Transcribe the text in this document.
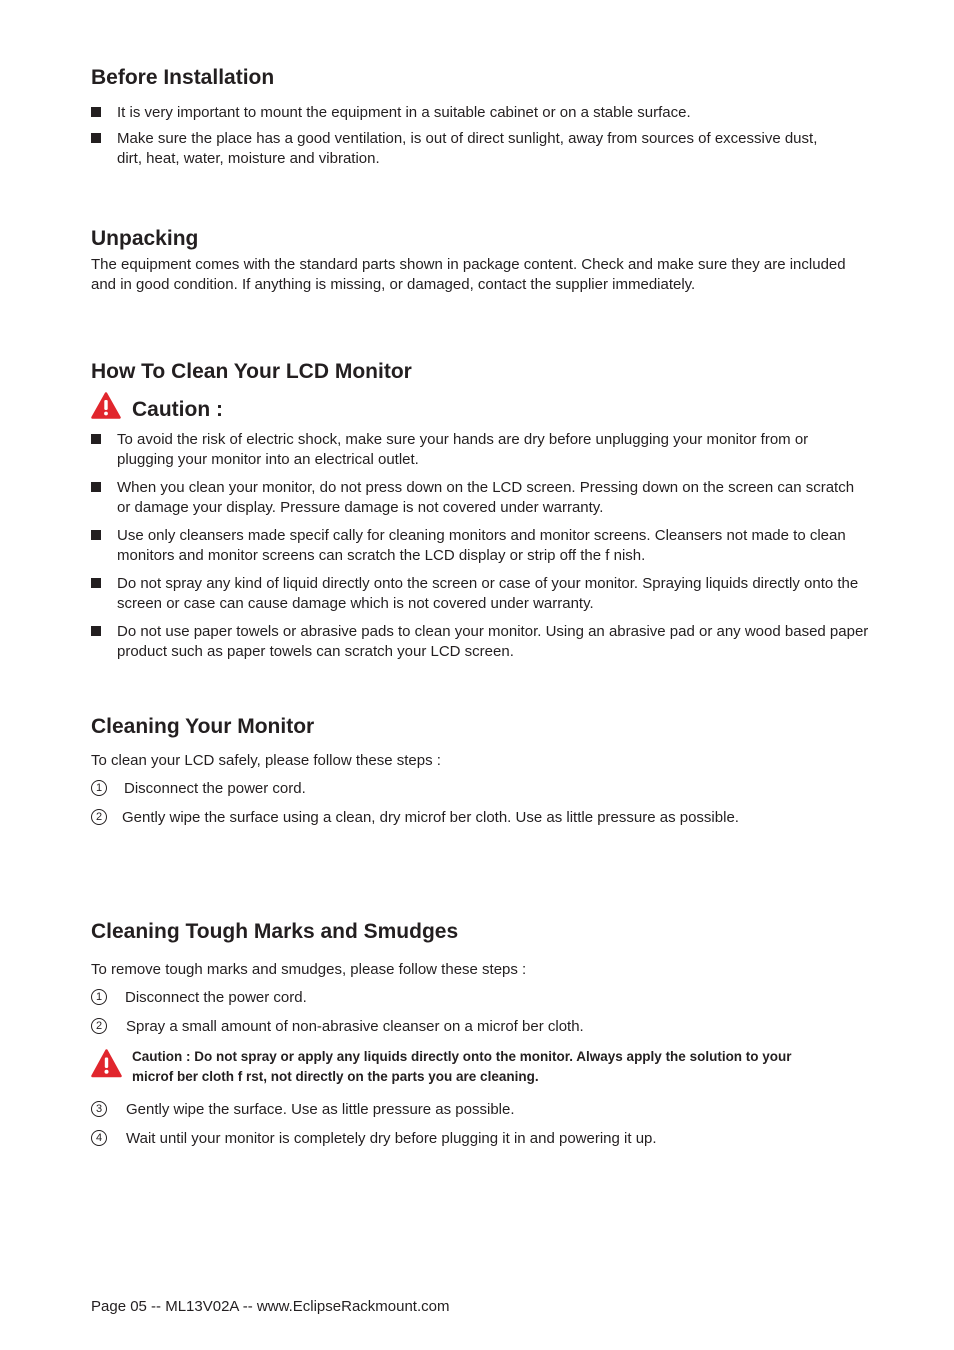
Before Installation
It is very important to mount the equipment in a suitable cabinet or on a stable surface.
Make sure the place has a good ventilation, is out of direct sunlight, away from sources of excessive dust, dirt, heat, water, moisture and vibration.
Unpacking
The equipment comes with the standard parts shown in package content. Check and make sure they are included and in good condition. If anything is missing, or damaged, contact the supplier immediately.
How To Clean Your LCD Monitor
Caution :
To avoid the risk of electric shock, make sure your hands are dry before unplugging your monitor from or plugging your monitor into an electrical outlet.
When you clean your monitor, do not press down on the LCD screen. Pressing down on the screen can scratch or damage your display. Pressure damage is not covered under warranty.
Use only cleansers made specif cally for cleaning monitors and monitor screens. Cleansers not made to clean monitors and monitor screens can scratch the LCD display or strip off the f nish.
Do not spray any kind of liquid directly onto the screen or case of your monitor. Spraying liquids directly onto the screen or case can cause damage which is not covered under warranty.
Do not use paper towels or abrasive pads to clean your monitor. Using an abrasive pad or any wood based paper product such as paper towels can scratch your LCD screen.
Cleaning Your Monitor
To clean your LCD safely, please follow these steps :
1	Disconnect the power cord.
2	Gently wipe the surface using a clean, dry microf ber cloth. Use as little pressure as possible.
Cleaning Tough Marks and Smudges
To remove tough marks and smudges, please follow these steps :
1	Disconnect the power cord.
2	Spray a small amount of non-abrasive cleanser on a microf ber cloth.
Caution : Do not spray or apply any liquids directly onto the monitor. Always apply the solution to your
microf ber cloth f rst, not directly on the parts you are cleaning.
3	Gently wipe the surface. Use as little pressure as possible.
4	Wait until your monitor is completely dry before plugging it in and powering it up.
Page 05 -- ML13V02A -- www.EclipseRackmount.com
